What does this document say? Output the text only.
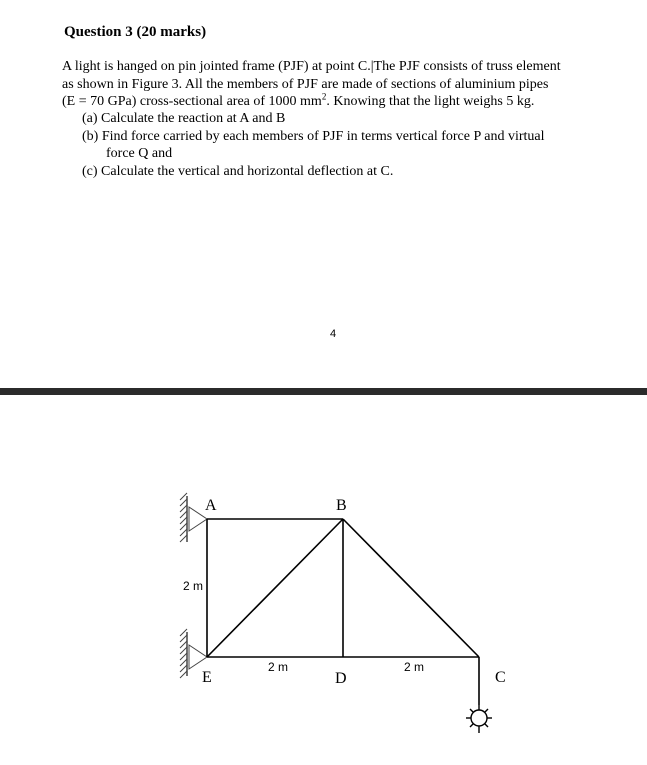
Question 3 (20 marks)

A light is hanged on pin jointed frame (PJF) at point C.|The PJF consists of truss element
as shown in Figure 3. All the members of PJF are made of sections of aluminium pipes
(E = 70 GPa) cross-sectional area of 1000 $mm^2$. Knowing that the light weighs 5 kg.

(a) Calculate the reaction at A and B
(b) Find force carried by each members of PJF in terms vertical force P and virtual
force Q and
(c) Calculate the vertical and horizontal deflection at C.
4
A	B
C
D
E
2 m
2 m	2 m
